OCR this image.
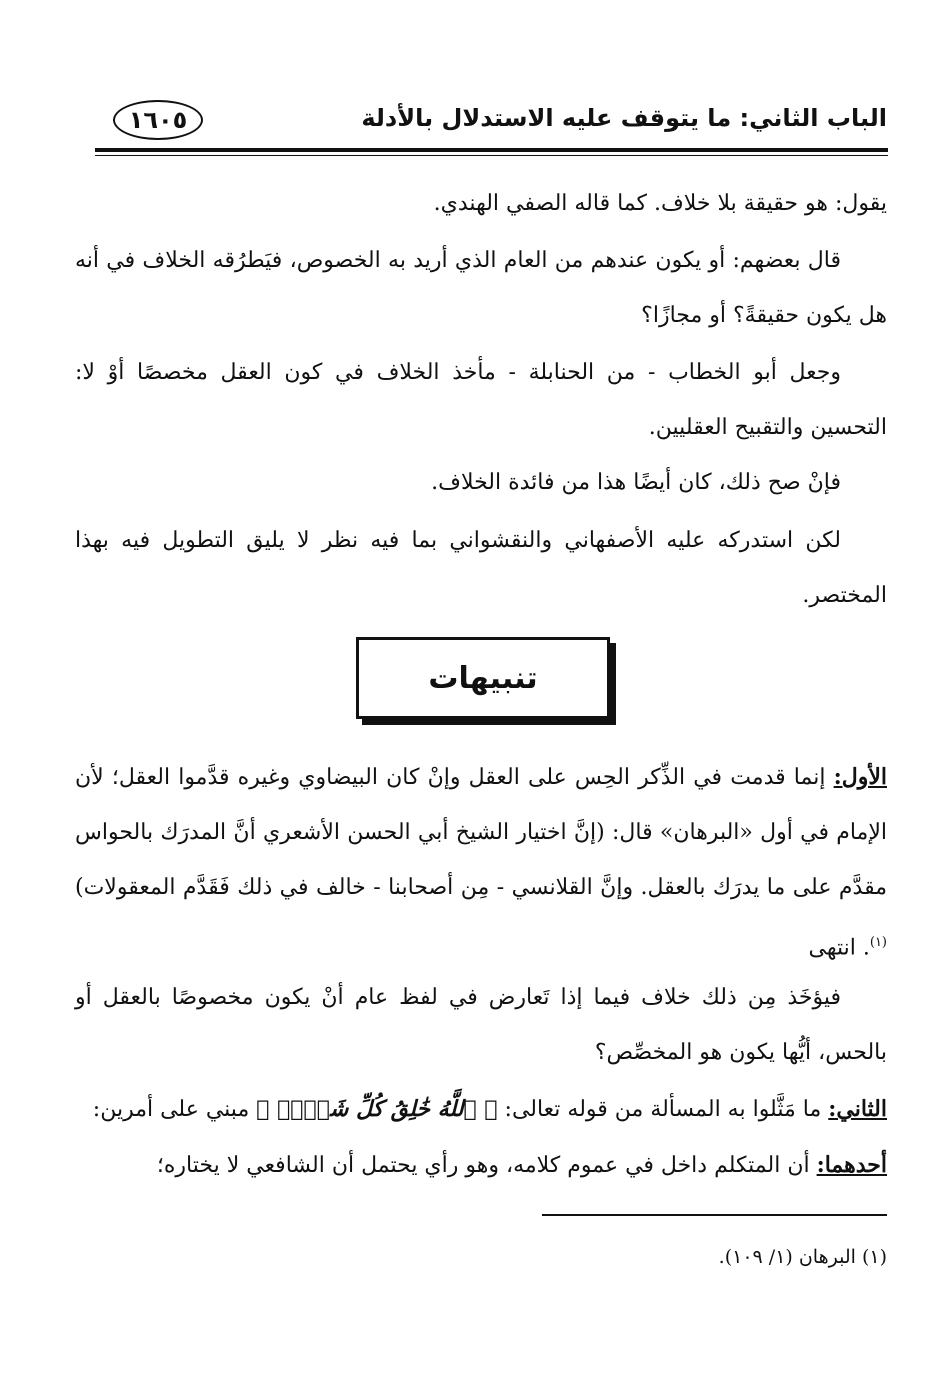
الباب الثاني: ما يتوقف عليه الاستدلال بالأدلة
١٦٠٥

يقول: هو حقيقة بلا خلاف. كما قاله الصفي الهندي.

قال بعضهم: أو يكون عندهم من العام الذي أريد به الخصوص، فيَطرُقه الخلاف في أنه هل يكون حقيقةً؟ أو مجازًا؟

وجعل أبو الخطاب - من الحنابلة - مأخذ الخلاف في كون العقل مخصصًا أوْ لا: التحسين والتقبيح العقليين.

فإنْ صح ذلك، كان أيضًا هذا من فائدة الخلاف.

لكن استدركه عليه الأصفهاني والنقشواني بما فيه نظر لا يليق التطويل فيه بهذا المختصر.

تنبيهات

الأول: إنما قدمت في الذِّكر الحِس على العقل وإنْ كان البيضاوي وغيره قدَّموا العقل؛ لأن الإمام في أول «البرهان» قال: (إنَّ اختيار الشيخ أبي الحسن الأشعري أنَّ المدرَك بالحواس مقدَّم على ما يدرَك بالعقل. وإنَّ القلانسي - مِن أصحابنا - خالف في ذلك فَقَدَّم المعقولات)$^{(١)}$. انتهى

فيؤخَذ مِن ذلك خلاف فيما إذا تَعارض في لفظ عام أنْ يكون مخصوصًا بالعقل أو بالحس، أيُّها يكون هو المخصِّص؟

الثاني: ما مَثَّلوا به المسألة من قوله تعالى: ﴿ ٱللَّهُ خَٰلِقُ كُلِّ شَيۡءٖ ﴾ مبني على أمرين:

أحدهما: أن المتكلم داخل في عموم كلامه، وهو رأي يحتمل أن الشافعي لا يختاره؛

(١) البرهان (١/ ١٠٩).
